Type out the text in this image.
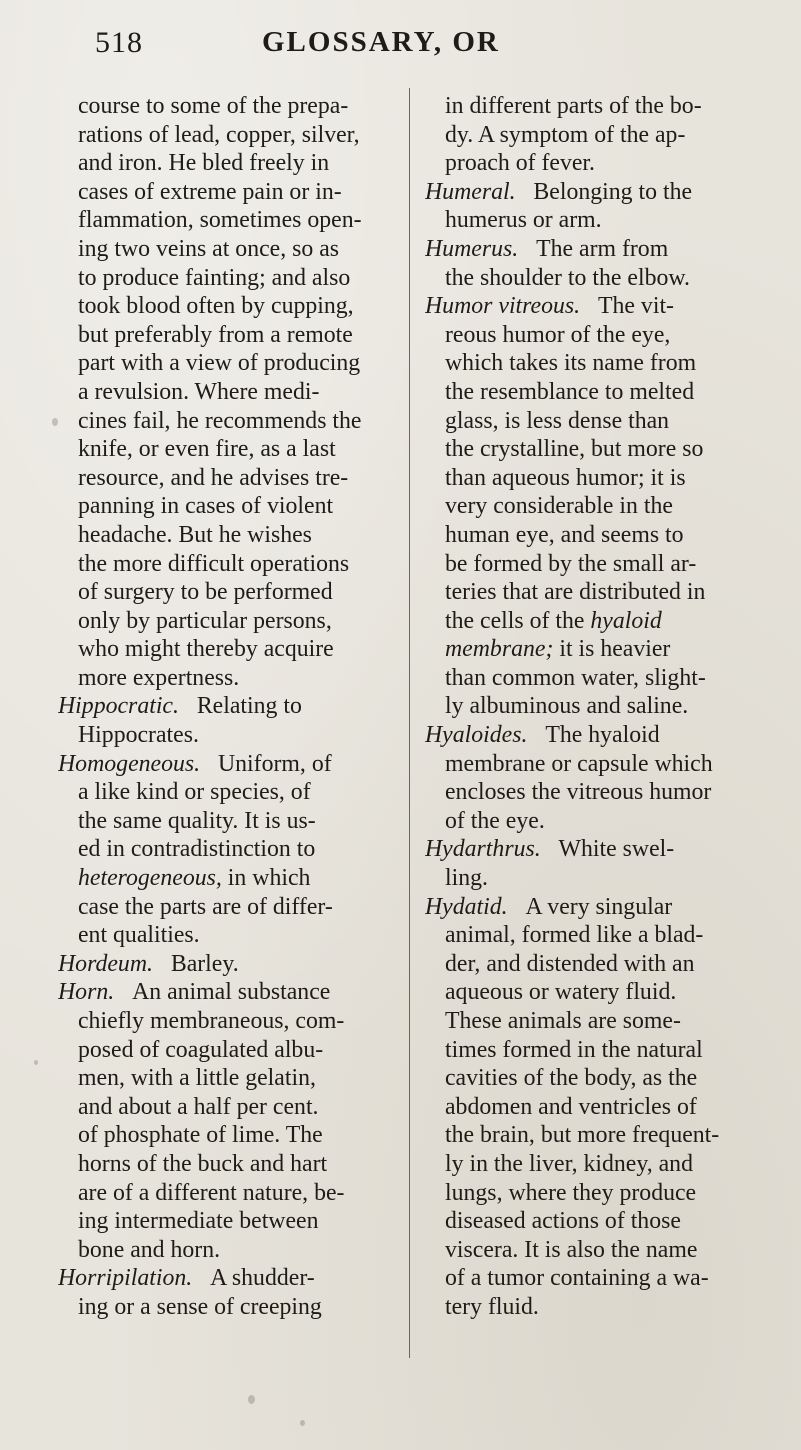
518	GLOSSARY, OR
course to some of the prepa-
rations of lead, copper, silver,
and iron. He bled freely in
cases of extreme pain or in-
flammation, sometimes open-
ing two veins at once, so as
to produce fainting; and also
took blood often by cupping,
but preferably from a remote
part with a view of producing
a revulsion. Where medi-
cines fail, he recommends the
knife, or even fire, as a last
resource, and he advises tre-
panning in cases of violent
headache. But he wishes
the more difficult operations
of surgery to be performed
only by particular persons,
who might thereby acquire
more expertness.
Hippocratic. Relating to
Hippocrates.
Homogeneous. Uniform, of
a like kind or species, of
the same quality. It is us-
ed in contradistinction to
heterogeneous, in which
case the parts are of differ-
ent qualities.
Hordeum. Barley.
Horn. An animal substance
chiefly membraneous, com-
posed of coagulated albu-
men, with a little gelatin,
and about a half per cent.
of phosphate of lime. The
horns of the buck and hart
are of a different nature, be-
ing intermediate between
bone and horn.
Horripilation. A shudder-
ing or a sense of creeping
in different parts of the bo-
dy. A symptom of the ap-
proach of fever.
Humeral. Belonging to the
humerus or arm.
Humerus. The arm from
the shoulder to the elbow.
Humor vitreous. The vit-
reous humor of the eye,
which takes its name from
the resemblance to melted
glass, is less dense than
the crystalline, but more so
than aqueous humor; it is
very considerable in the
human eye, and seems to
be formed by the small ar-
teries that are distributed in
the cells of the hyaloid
membrane; it is heavier
than common water, slight-
ly albuminous and saline.
Hyaloides. The hyaloid
membrane or capsule which
encloses the vitreous humor
of the eye.
Hydarthrus. White swel-
ling.
Hydatid. A very singular
animal, formed like a blad-
der, and distended with an
aqueous or watery fluid.
These animals are some-
times formed in the natural
cavities of the body, as the
abdomen and ventricles of
the brain, but more frequent-
ly in the liver, kidney, and
lungs, where they produce
diseased actions of those
viscera. It is also the name
of a tumor containing a wa-
tery fluid.
